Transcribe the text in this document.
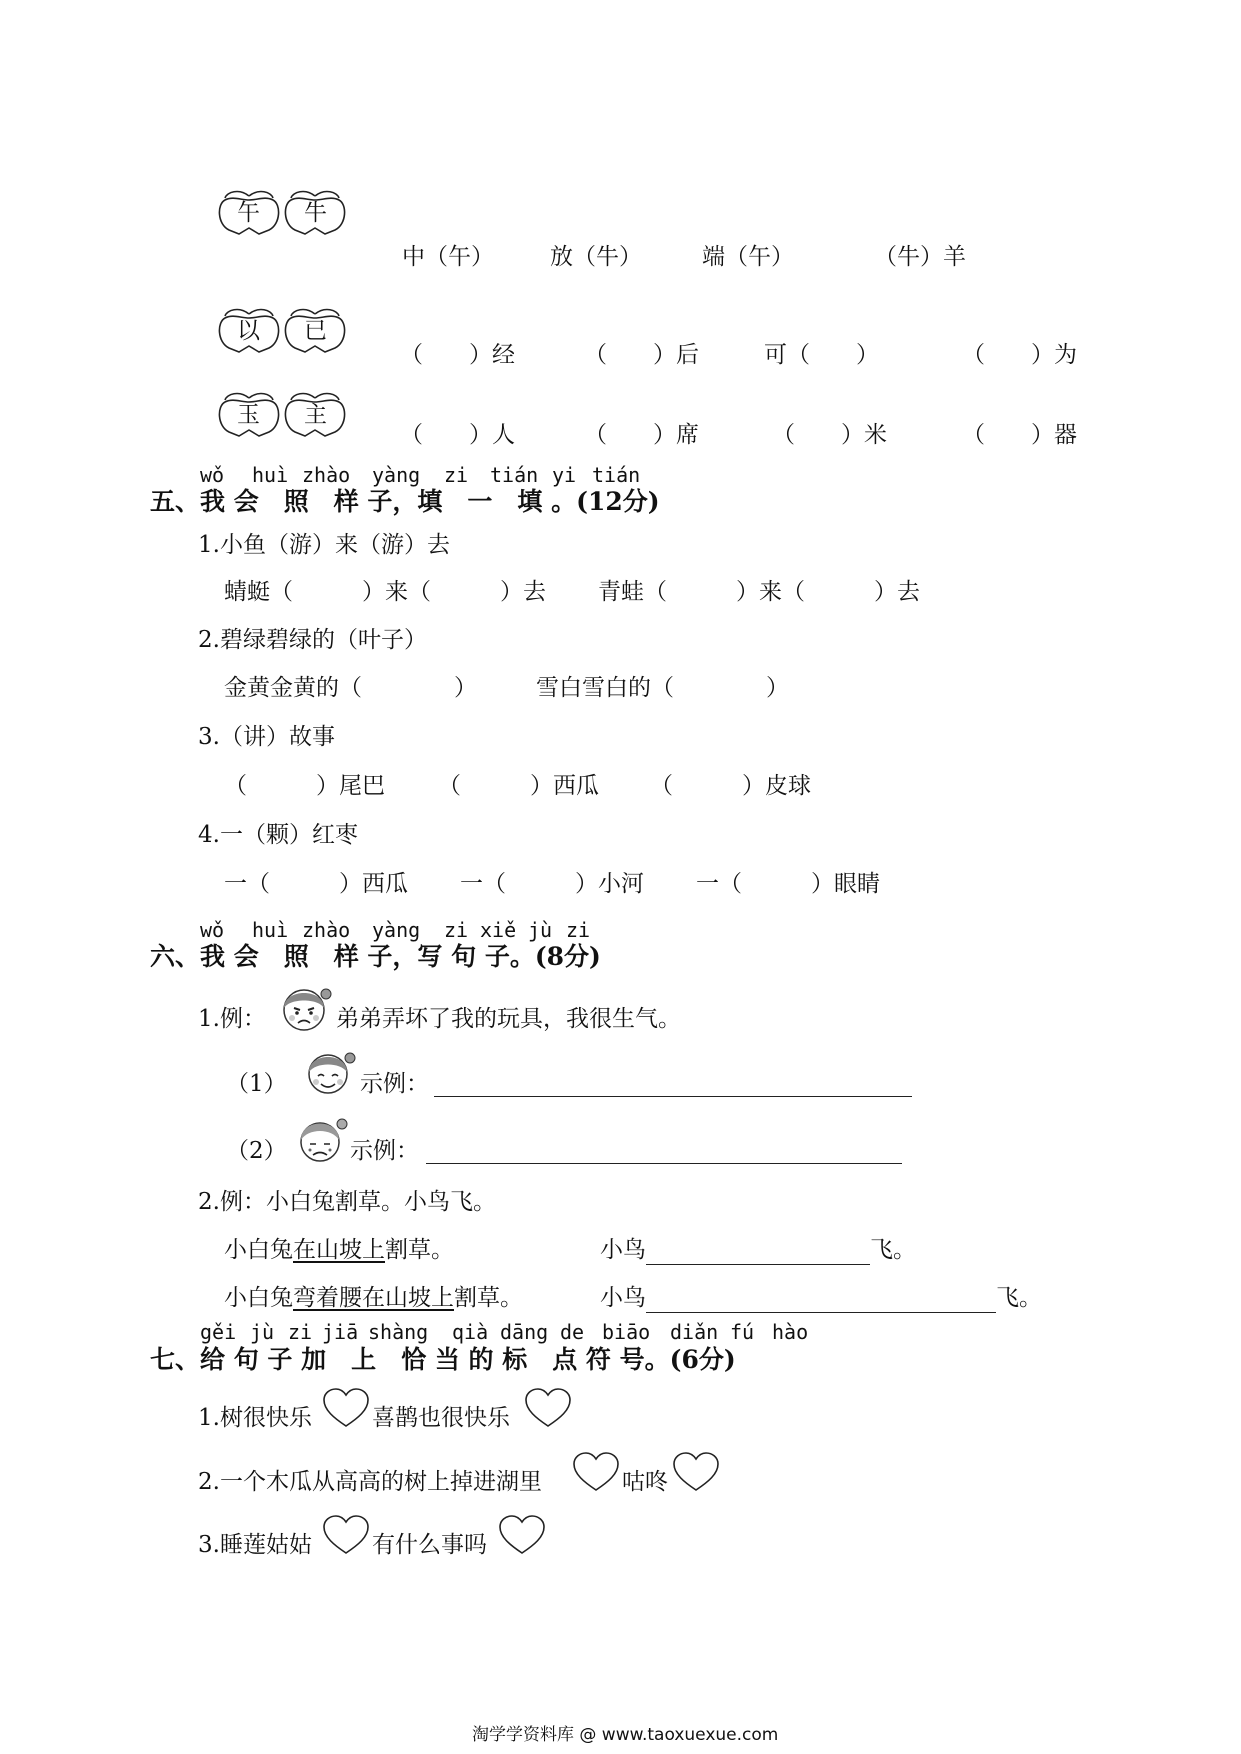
午 牛
中（午） 放（牛）	端（午）	（牛）羊
以 已
（　　）经	（　　）后	可（　　）	（　　）为
玉 主
（　　）人	（　　）席	（　　）米	（　　）器
wǒ huì zhào yàng zi tián yi tián
五、我 会　照　样 子，填　一　填 。(12分)
1.小鱼（游）来（游）去
蜻蜓（　　　）来（　　　）去 青蛙（　　　）来（　　　）去
2.碧绿碧绿的（叶子）
金黄金黄的（　　　　）	雪白雪白的（　　　　）
3.（讲）故事
（　　　）尾巴 （　　　）西瓜 （　　　）皮球
4.一（颗）红枣
一（　　　）西瓜 一（　　　）小河 一（　　　）眼睛
wǒ huì zhào yàng zi xiě jù zi
六、我 会　照　样 子，写 句 子。(8分)
1.例：	弟弟弄坏了我的玩具，我很生气。
（1）	示例：
（2）	示例：
2.例：小白兔割草。小鸟飞。
小白兔在山坡上割草。	小鸟	飞。
小白兔弯着腰在山坡上割草。	小鸟	飞。
gěi jù zi jiā shàng qià dāng de biāo diǎn fú hào
七、给 句 子 加　上　恰 当 的 标　点 符 号。(6分)
1.树很快乐	喜鹊也很快乐
2.一个木瓜从高高的树上掉进湖里	咕咚
3.睡莲姑姑	有什么事吗
淘学学资料库 @ www.taoxuexue.com
